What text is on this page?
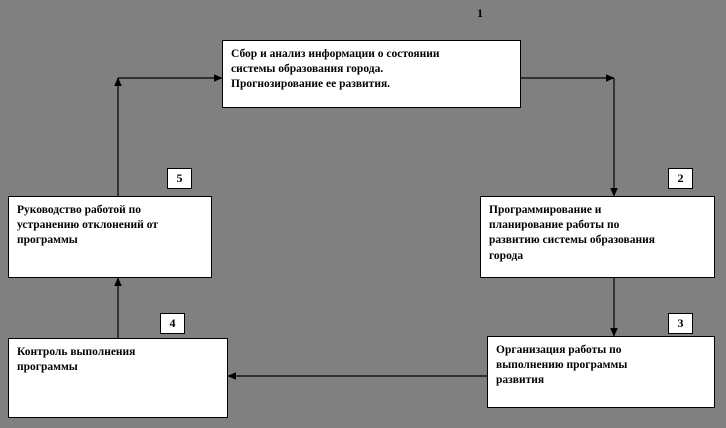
1
Сбор и анализ информации о состоянии
системы образования города.
Прогнозирование ее развития.
5
Руководство работой по
устранению отклонений от
программы
2
Программирование и
планирование работы по
развитию системы образования
города
4
Контроль выполнения
программы
3
Организация работы по
выполнению программы
развития
